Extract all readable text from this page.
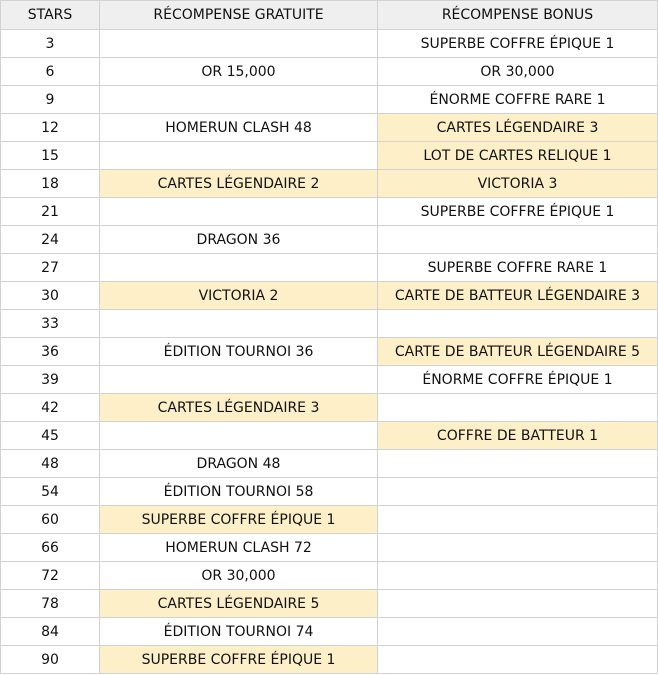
STARS	RÉCOMPENSE GRATUITE	RÉCOMPENSE BONUS
3		SUPERBE COFFRE ÉPIQUE 1
6	OR 15,000	OR 30,000
9		ÉNORME COFFRE RARE 1
12	HOMERUN CLASH 48	CARTES LÉGENDAIRE 3
15		LOT DE CARTES RELIQUE 1
18	CARTES LÉGENDAIRE 2	VICTORIA 3
21		SUPERBE COFFRE ÉPIQUE 1
24	DRAGON 36	
27		SUPERBE COFFRE RARE 1
30	VICTORIA 2	CARTE DE BATTEUR LÉGENDAIRE 3
33		
36	ÉDITION TOURNOI 36	CARTE DE BATTEUR LÉGENDAIRE 5
39		ÉNORME COFFRE ÉPIQUE 1
42	CARTES LÉGENDAIRE 3	
45		COFFRE DE BATTEUR 1
48	DRAGON 48	
54	ÉDITION TOURNOI 58	
60	SUPERBE COFFRE ÉPIQUE 1	
66	HOMERUN CLASH 72	
72	OR 30,000	
78	CARTES LÉGENDAIRE 5	
84	ÉDITION TOURNOI 74	
90	SUPERBE COFFRE ÉPIQUE 1	
